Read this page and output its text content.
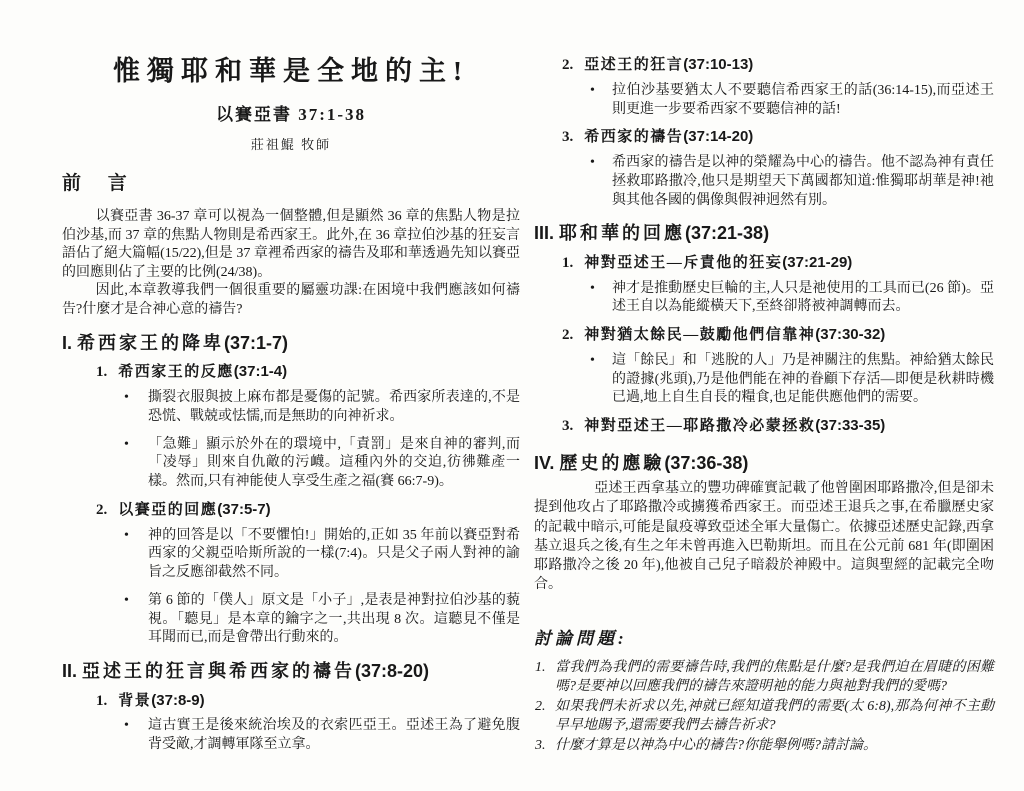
惟獨耶和華是全地的主!
以賽亞書 37:1-38
莊祖鯤 牧師
前 言

以賽亞書 36-37 章可以視為一個整體,但是顯然 36 章的焦點人物是拉伯沙基,而 37 章的焦點人物則是希西家王。此外,在 36 章拉伯沙基的狂妄言語佔了絕大篇幅(15/22),但是 37 章裡希西家的禱告及耶和華透過先知以賽亞的回應則佔了主要的比例(24/38)。

因此,本章教導我們一個很重要的屬靈功課:在困境中我們應該如何禱告?什麼才是合神心意的禱告?

I. 希西家王的降卑(37:1-7)
1. 希西家王的反應(37:1-4)
• 撕裂衣服與披上麻布都是憂傷的記號。希西家所表達的,不是恐慌、戰兢或怯懦,而是無助的向神祈求。
• 「急難」顯示於外在的環境中,「責罰」是來自神的審判,而「凌辱」則來自仇敵的污衊。這種內外的交迫,彷彿難產一樣。然而,只有神能使人享受生產之福(賽 66:7-9)。
2. 以賽亞的回應(37:5-7)
• 神的回答是以「不要懼怕!」開始的,正如 35 年前以賽亞對希西家的父親亞哈斯所說的一樣(7:4)。只是父子兩人對神的諭旨之反應卻截然不同。
• 第 6 節的「僕人」原文是「小子」,是表是神對拉伯沙基的藐視。「聽見」是本章的鑰字之一,共出現 8 次。這聽見不僅是耳聞而已,而是會帶出行動來的。
II. 亞述王的狂言與希西家的禱告(37:8-20)
1. 背景(37:8-9)
• 這古實王是後來統治埃及的衣索匹亞王。亞述王為了避免腹背受敵,才調轉軍隊至立拿。
2. 亞述王的狂言(37:10-13)
• 拉伯沙基要猶太人不要聽信希西家王的話(36:14-15),而亞述王則更進一步要希西家不要聽信神的話!
3. 希西家的禱告(37:14-20)
• 希西家的禱告是以神的榮耀為中心的禱告。他不認為神有責任拯救耶路撒冷,他只是期望天下萬國都知道:惟獨耶胡華是神!祂與其他各國的偶像與假神迥然有別。
III. 耶和華的回應(37:21-38)
1. 神對亞述王—斥責他的狂妄(37:21-29)
• 神才是推動歷史巨輪的主,人只是祂使用的工具而已(26 節)。亞述王自以為能縱橫天下,至終卻將被神調轉而去。
2. 神對猶太餘民—鼓勵他們信靠神(37:30-32)
• 這「餘民」和「逃脫的人」乃是神關注的焦點。神給猶太餘民的證據(兆頭),乃是他們能在神的眷顧下存活—即便是秋耕時機已過,地上自生自長的糧食,也足能供應他們的需要。
3. 神對亞述王—耶路撒冷必蒙拯救(37:33-35)
IV. 歷史的應驗(37:36-38)

亞述王西拿基立的豐功碑確實記載了他曾圍困耶路撒冷,但是卻未提到他攻占了耶路撒冷或擄獲希西家王。而亞述王退兵之事,在希臘歷史家的記載中暗示,可能是鼠疫導致亞述全軍大量傷亡。依據亞述歷史記錄,西拿基立退兵之後,有生之年未曾再進入巴勒斯坦。而且在公元前 681 年(即圍困耶路撒冷之後 20 年),他被自己兒子暗殺於神殿中。這與聖經的記載完全吻合。

討論問題:
1. 當我們為我們的需要禱告時,我們的焦點是什麼?是我們迫在眉睫的困難嗎?是要神以回應我們的禱告來證明祂的能力與祂對我們的愛嗎?
2. 如果我們未祈求以先,神就已經知道我們的需要(太 6:8),那為何神不主動早早地賜予,還需要我們去禱告祈求?
3. 什麼才算是以神為中心的禱告?你能舉例嗎?請討論。
